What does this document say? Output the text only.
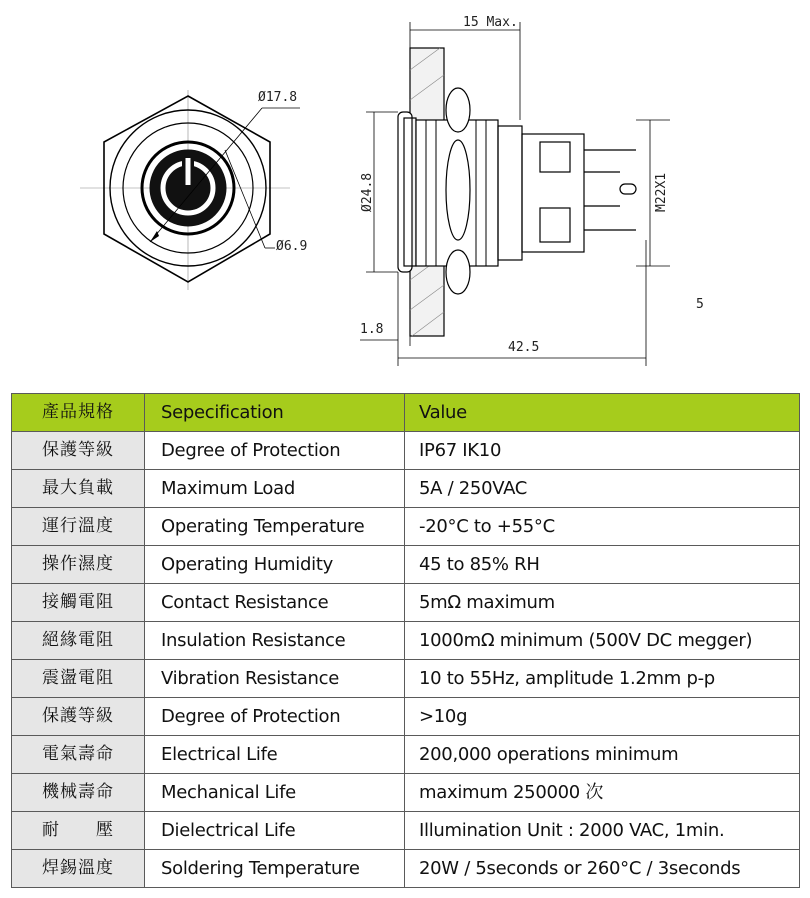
Ø17.8
Ø6.9
15 Max.
Ø24.8	M22X1
1.8
42.5
5
產品規格	Sepecification	Value
保護等級	Degree of Protection	IP67 IK10
最大負載	Maximum Load	5A / 250VAC
運行溫度	Operating Temperature	-20°C to +55°C
操作濕度	Operating Humidity	45 to 85% RH
接觸電阻	Contact Resistance	5mΩ maximum
絕緣電阻	Insulation Resistance	1000mΩ minimum (500V DC megger)
震盪電阻	Vibration Resistance	10 to 55Hz, amplitude 1.2mm p-p
保護等級	Degree of Protection	>10g
電氣壽命	Electrical Life	200,000 operations minimum
機械壽命	Mechanical Life	maximum 250000 次
耐　　壓	Dielectrical Life	Illumination Unit : 2000 VAC, 1min.
焊錫溫度	Soldering Temperature	20W / 5seconds or 260°C / 3seconds
